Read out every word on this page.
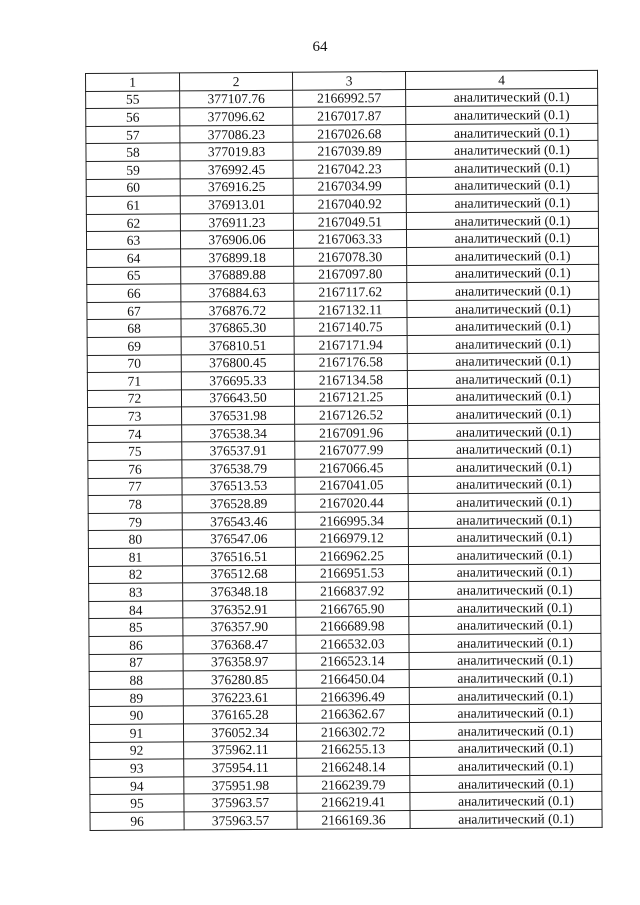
64
1	2	3	4
55	377107.76	2166992.57	аналитический (0.1)
56	377096.62	2167017.87	аналитический (0.1)
57	377086.23	2167026.68	аналитический (0.1)
58	377019.83	2167039.89	аналитический (0.1)
59	376992.45	2167042.23	аналитический (0.1)
60	376916.25	2167034.99	аналитический (0.1)
61	376913.01	2167040.92	аналитический (0.1)
62	376911.23	2167049.51	аналитический (0.1)
63	376906.06	2167063.33	аналитический (0.1)
64	376899.18	2167078.30	аналитический (0.1)
65	376889.88	2167097.80	аналитический (0.1)
66	376884.63	2167117.62	аналитический (0.1)
67	376876.72	2167132.11	аналитический (0.1)
68	376865.30	2167140.75	аналитический (0.1)
69	376810.51	2167171.94	аналитический (0.1)
70	376800.45	2167176.58	аналитический (0.1)
71	376695.33	2167134.58	аналитический (0.1)
72	376643.50	2167121.25	аналитический (0.1)
73	376531.98	2167126.52	аналитический (0.1)
74	376538.34	2167091.96	аналитический (0.1)
75	376537.91	2167077.99	аналитический (0.1)
76	376538.79	2167066.45	аналитический (0.1)
77	376513.53	2167041.05	аналитический (0.1)
78	376528.89	2167020.44	аналитический (0.1)
79	376543.46	2166995.34	аналитический (0.1)
80	376547.06	2166979.12	аналитический (0.1)
81	376516.51	2166962.25	аналитический (0.1)
82	376512.68	2166951.53	аналитический (0.1)
83	376348.18	2166837.92	аналитический (0.1)
84	376352.91	2166765.90	аналитический (0.1)
85	376357.90	2166689.98	аналитический (0.1)
86	376368.47	2166532.03	аналитический (0.1)
87	376358.97	2166523.14	аналитический (0.1)
88	376280.85	2166450.04	аналитический (0.1)
89	376223.61	2166396.49	аналитический (0.1)
90	376165.28	2166362.67	аналитический (0.1)
91	376052.34	2166302.72	аналитический (0.1)
92	375962.11	2166255.13	аналитический (0.1)
93	375954.11	2166248.14	аналитический (0.1)
94	375951.98	2166239.79	аналитический (0.1)
95	375963.57	2166219.41	аналитический (0.1)
96	375963.57	2166169.36	аналитический (0.1)
